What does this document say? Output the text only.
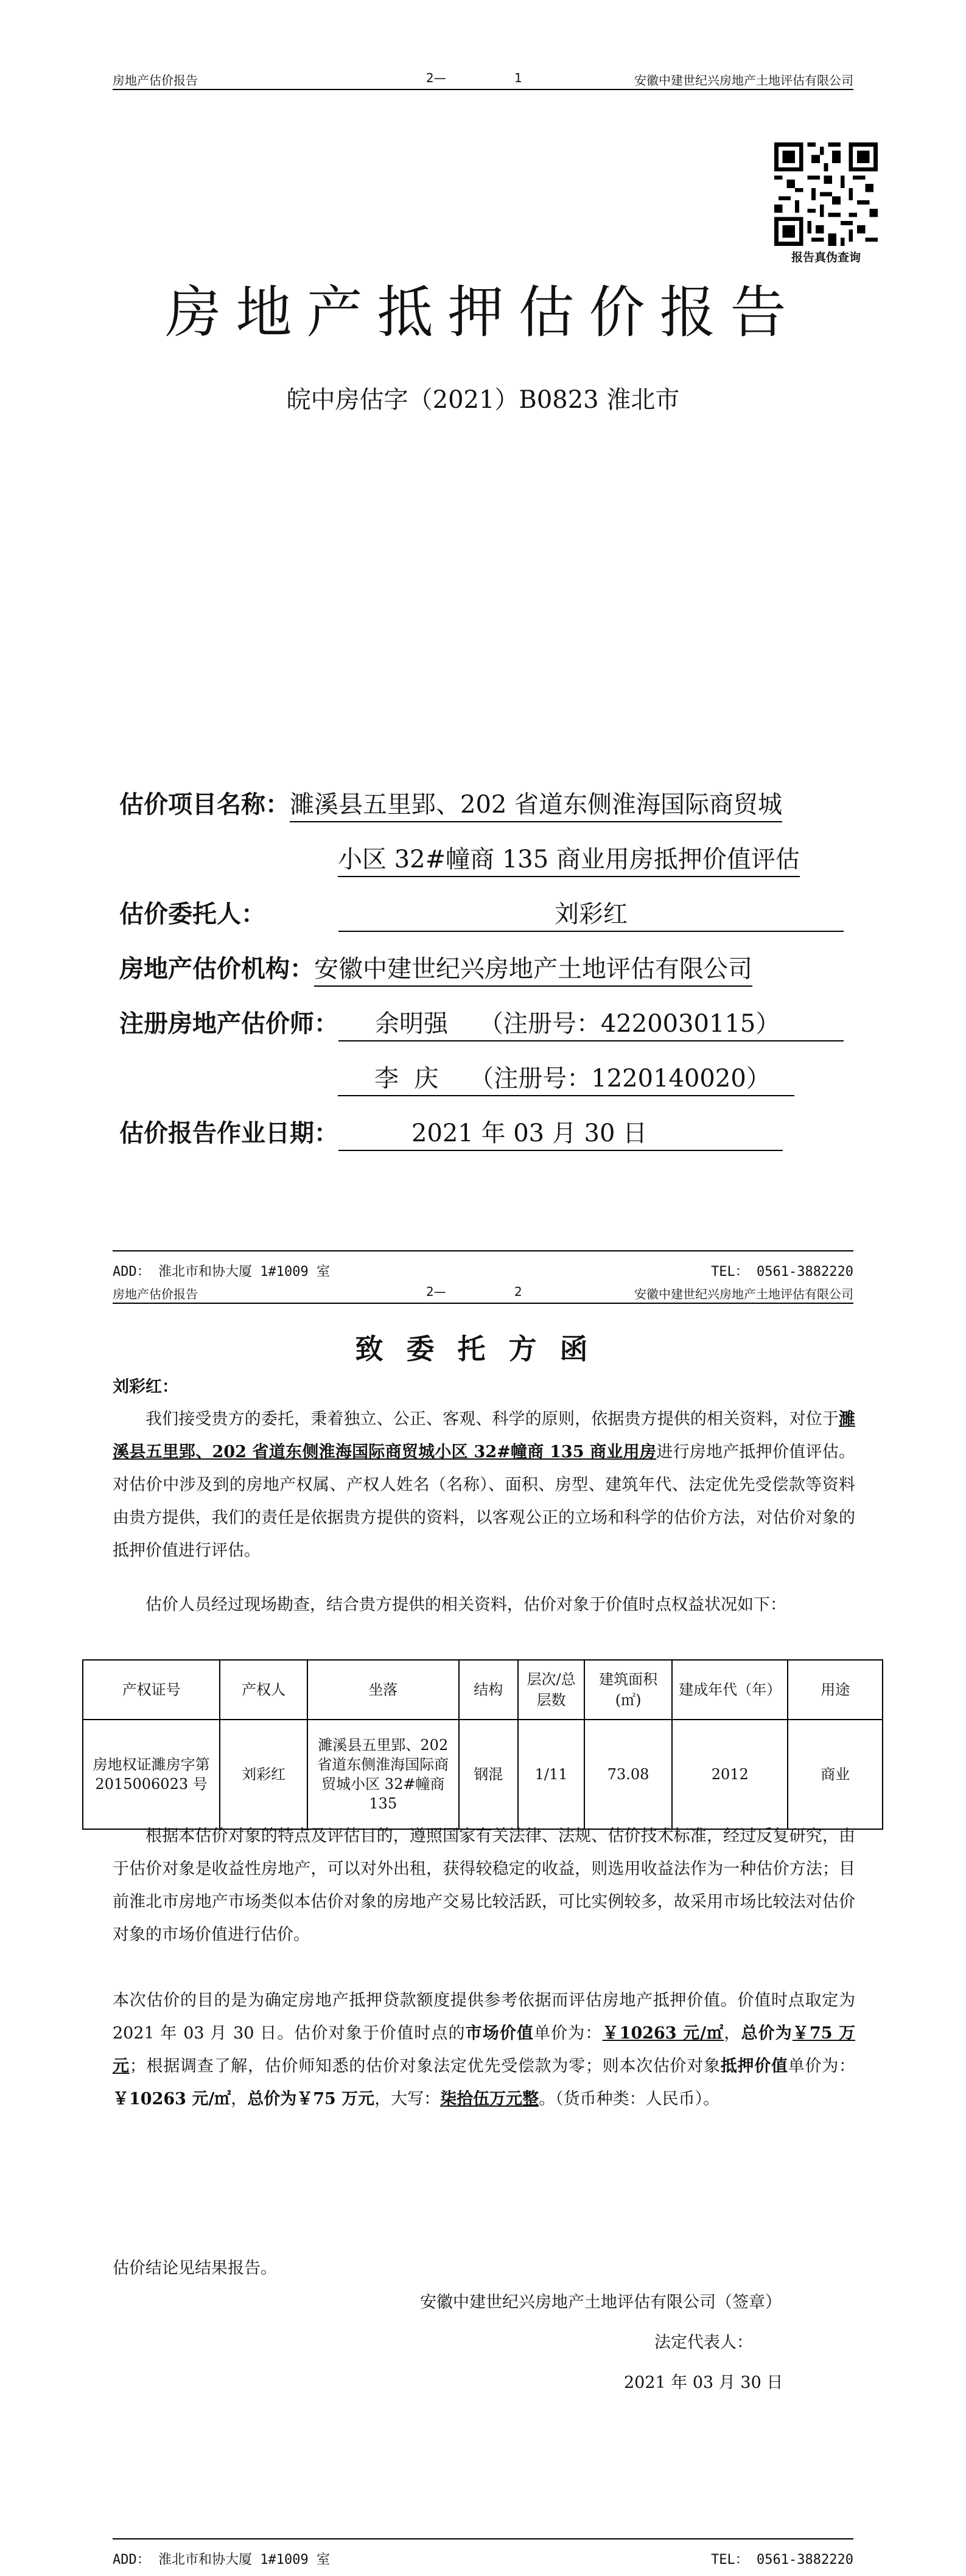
房地产估价报告	2—	1	安徽中建世纪兴房地产土地评估有限公司
报告真伪查询
房地产抵押估价报告
皖中房估字（2021）B0823 淮北市
估价项目名称：濉溪县五里郢、202 省道东侧淮海国际商贸城
小区 32#幢商 135 商业用房抵押价值评估
估价委托人：	刘彩红
房地产估价机构：安徽中建世纪兴房地产土地评估有限公司
注册房地产估价师： 余明强    （注册号：4220030115）
李  庆    （注册号：1220140020）
估价报告作业日期：	2021 年 03 月 30 日
ADD： 淮北市和协大厦 1#1009 室	TEL： 0561-3882220
房地产估价报告	2—	2	安徽中建世纪兴房地产土地评估有限公司
ADD： 淮北市和协大厦 1#1009 室	TEL： 0561-3882220
致委托方函
刘彩红：
我们接受贵方的委托，秉着独立、公正、客观、科学的原则，依据贵方提供的相关资料，对位于濉溪县五里郢、202 省道东侧淮海国际商贸城小区 32#幢商 135 商业用房进行房地产抵押价值评估。对估价中涉及到的房地产权属、产权人姓名（名称）、面积、房型、建筑年代、法定优先受偿款等资料由贵方提供，我们的责任是依据贵方提供的资料，以客观公正的立场和科学的估价方法，对估价对象的抵押价值进行评估。
估价人员经过现场勘查，结合贵方提供的相关资料，估价对象于价值时点权益状况如下：
产权证号	产权人	坐落	结构	层次/总层数	建筑面积(㎡)	建成年代（年）	用途
房地权证濉房字第 2015006023 号	刘彩红	濉溪县五里郢、202 省道东侧淮海国际商贸城小区 32#幢商 135	钢混	1/11	73.08	2012	商业
根据本估价对象的特点及评估目的，遵照国家有关法律、法规、估价技术标准，经过反复研究，由于估价对象是收益性房地产，可以对外出租，获得较稳定的收益，则选用收益法作为一种估价方法；目前淮北市房地产市场类似本估价对象的房地产交易比较活跃，可比实例较多，故采用市场比较法对估价对象的市场价值进行估价。
本次估价的目的是为确定房地产抵押贷款额度提供参考依据而评估房地产抵押价值。价值时点取定为 2021 年 03 月 30 日。估价对象于价值时点的市场价值单价为：￥10263 元/㎡，总价为￥75 万元；根据调查了解，估价师知悉的估价对象法定优先受偿款为零；则本次估价对象抵押价值单价为：￥10263 元/㎡，总价为￥75 万元，大写：柒拾伍万元整。（货币种类：人民币）。
估价结论见结果报告。
安徽中建世纪兴房地产土地评估有限公司（签章）
法定代表人：
2021 年 03 月 30 日
